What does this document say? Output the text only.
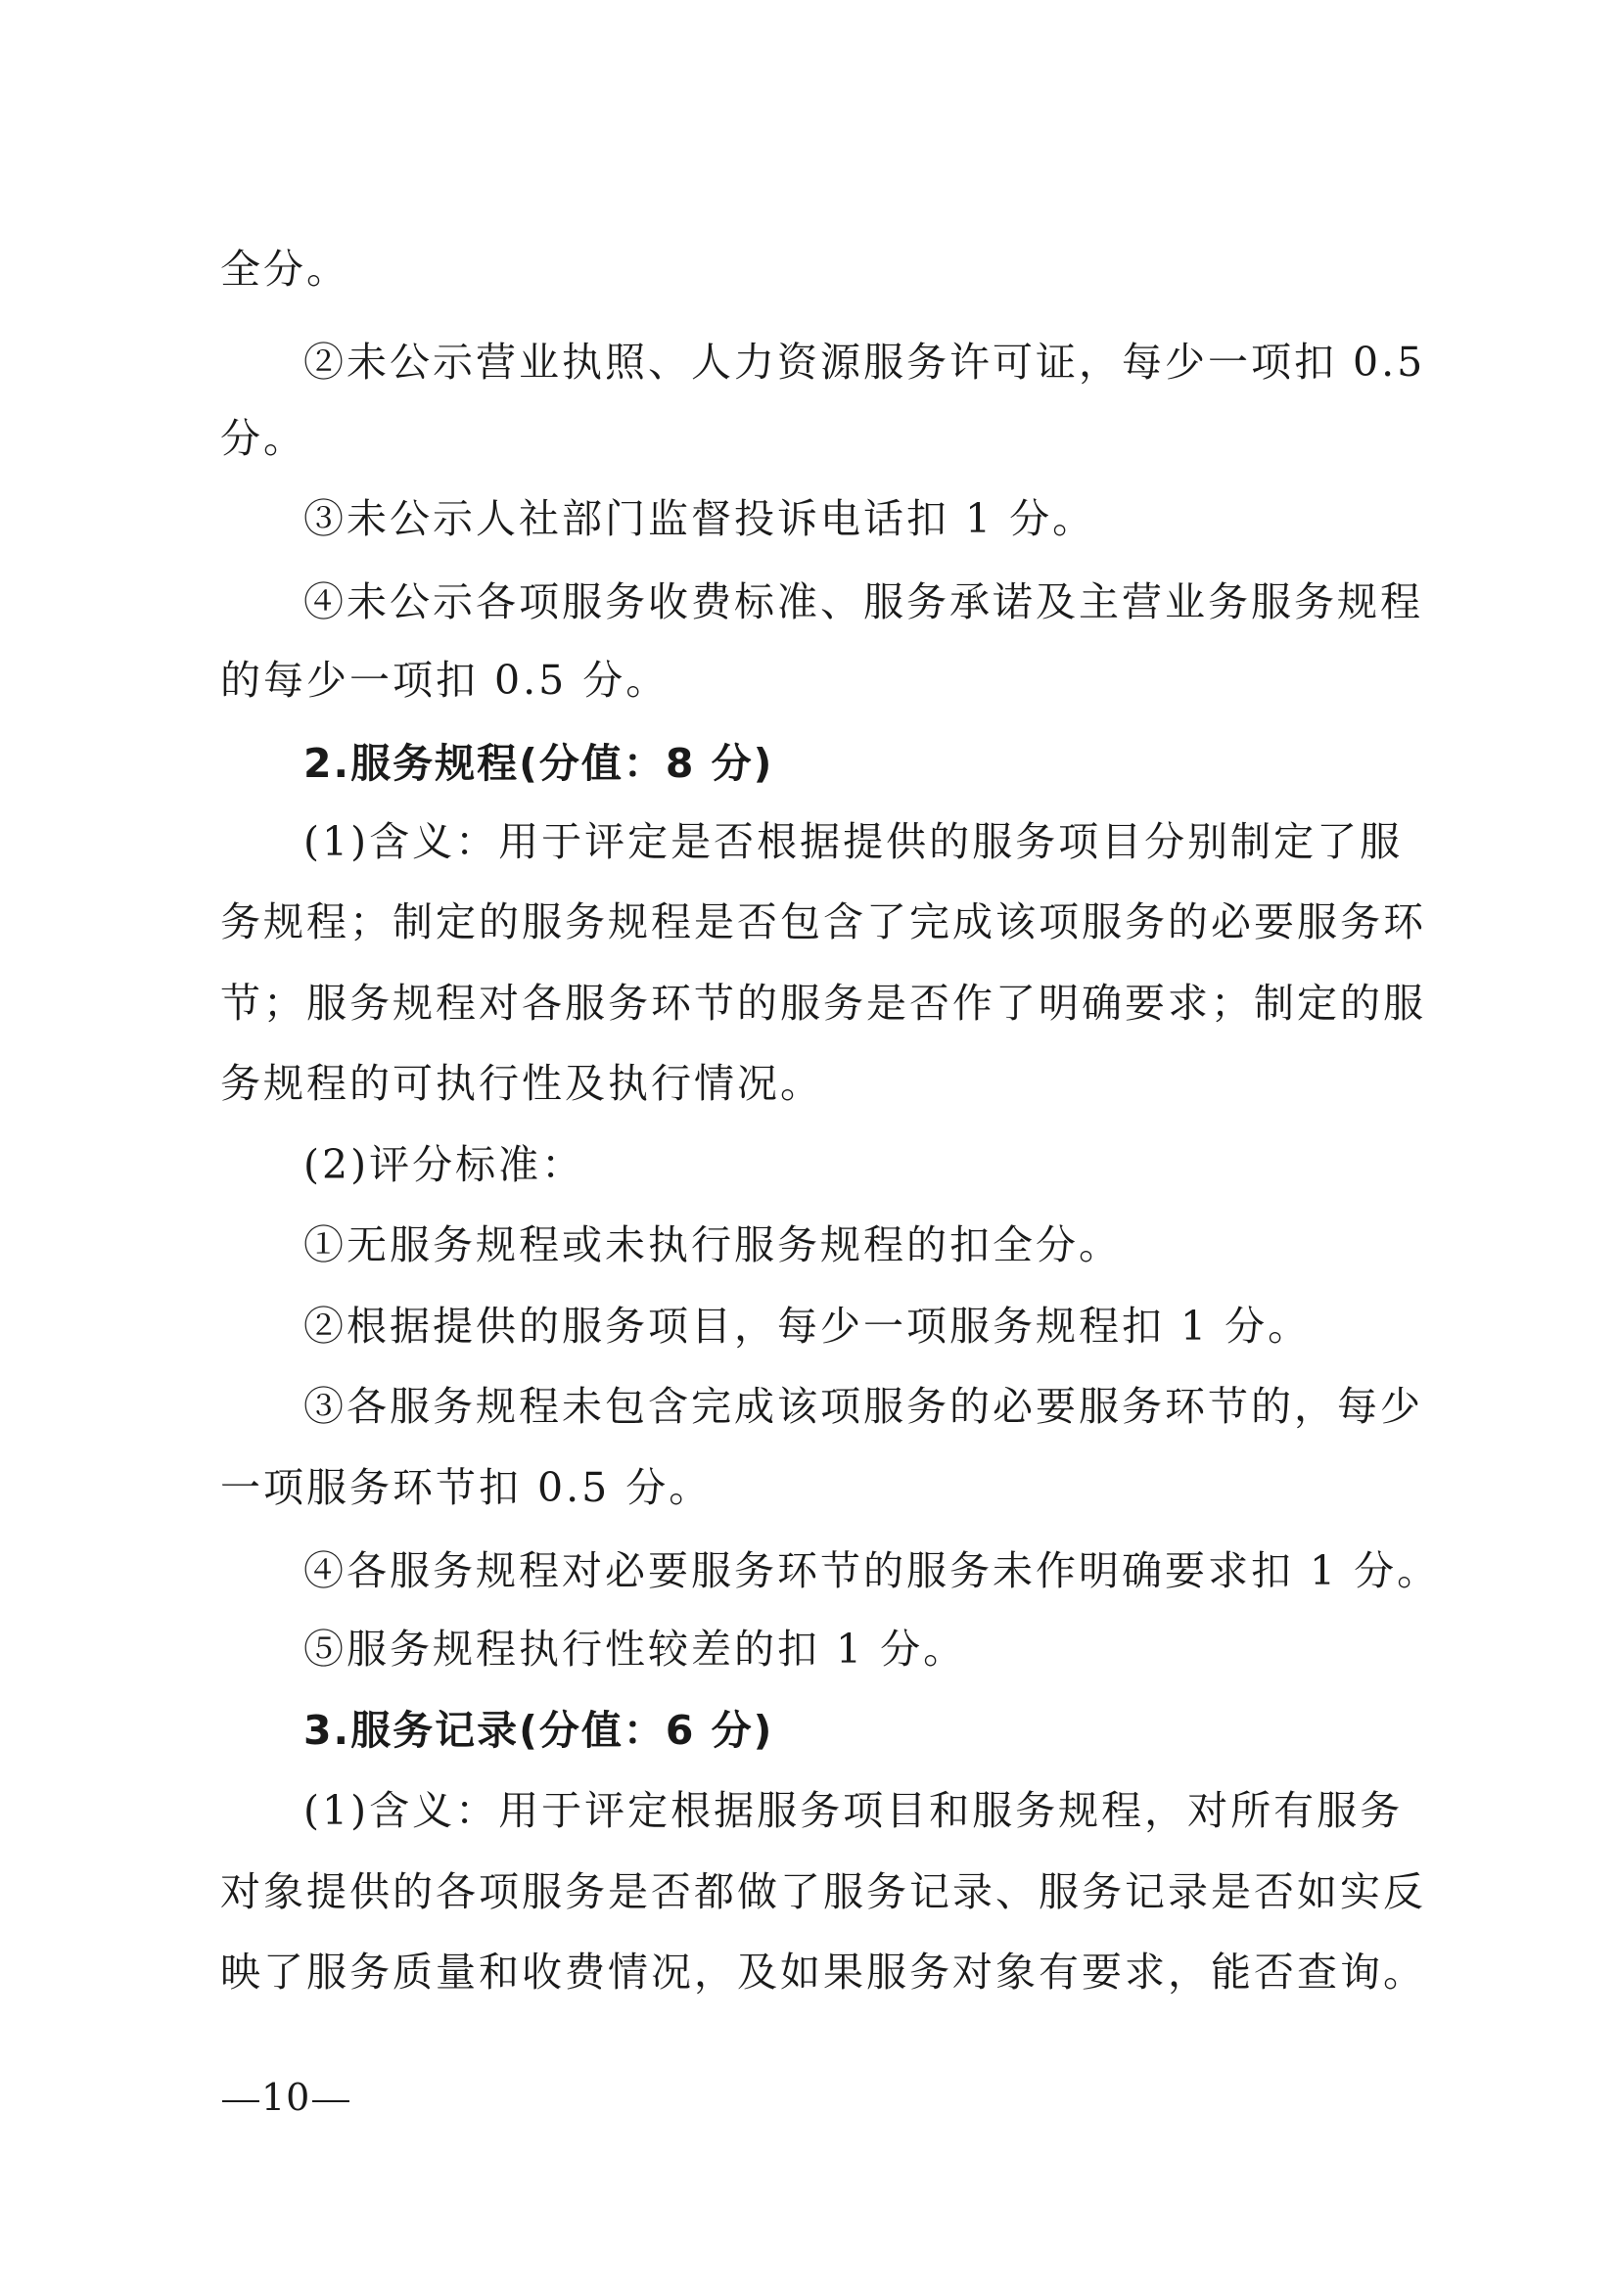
全分。
②未公示营业执照、人力资源服务许可证，每少一项扣 0.5
分。
③未公示人社部门监督投诉电话扣 1 分。
④未公示各项服务收费标准、服务承诺及主营业务服务规程
的每少一项扣 0.5 分。
2.服务规程(分值：8 分)
(1)含义：用于评定是否根据提供的服务项目分别制定了服
务规程；制定的服务规程是否包含了完成该项服务的必要服务环
节；服务规程对各服务环节的服务是否作了明确要求；制定的服
务规程的可执行性及执行情况。
(2)评分标准：
①无服务规程或未执行服务规程的扣全分。
②根据提供的服务项目，每少一项服务规程扣 1 分。
③各服务规程未包含完成该项服务的必要服务环节的，每少
一项服务环节扣 0.5 分。
④各服务规程对必要服务环节的服务未作明确要求扣 1 分。
⑤服务规程执行性较差的扣 1 分。
3.服务记录(分值：6 分)
(1)含义：用于评定根据服务项目和服务规程，对所有服务
对象提供的各项服务是否都做了服务记录、服务记录是否如实反
映了服务质量和收费情况，及如果服务对象有要求，能否查询。
10
